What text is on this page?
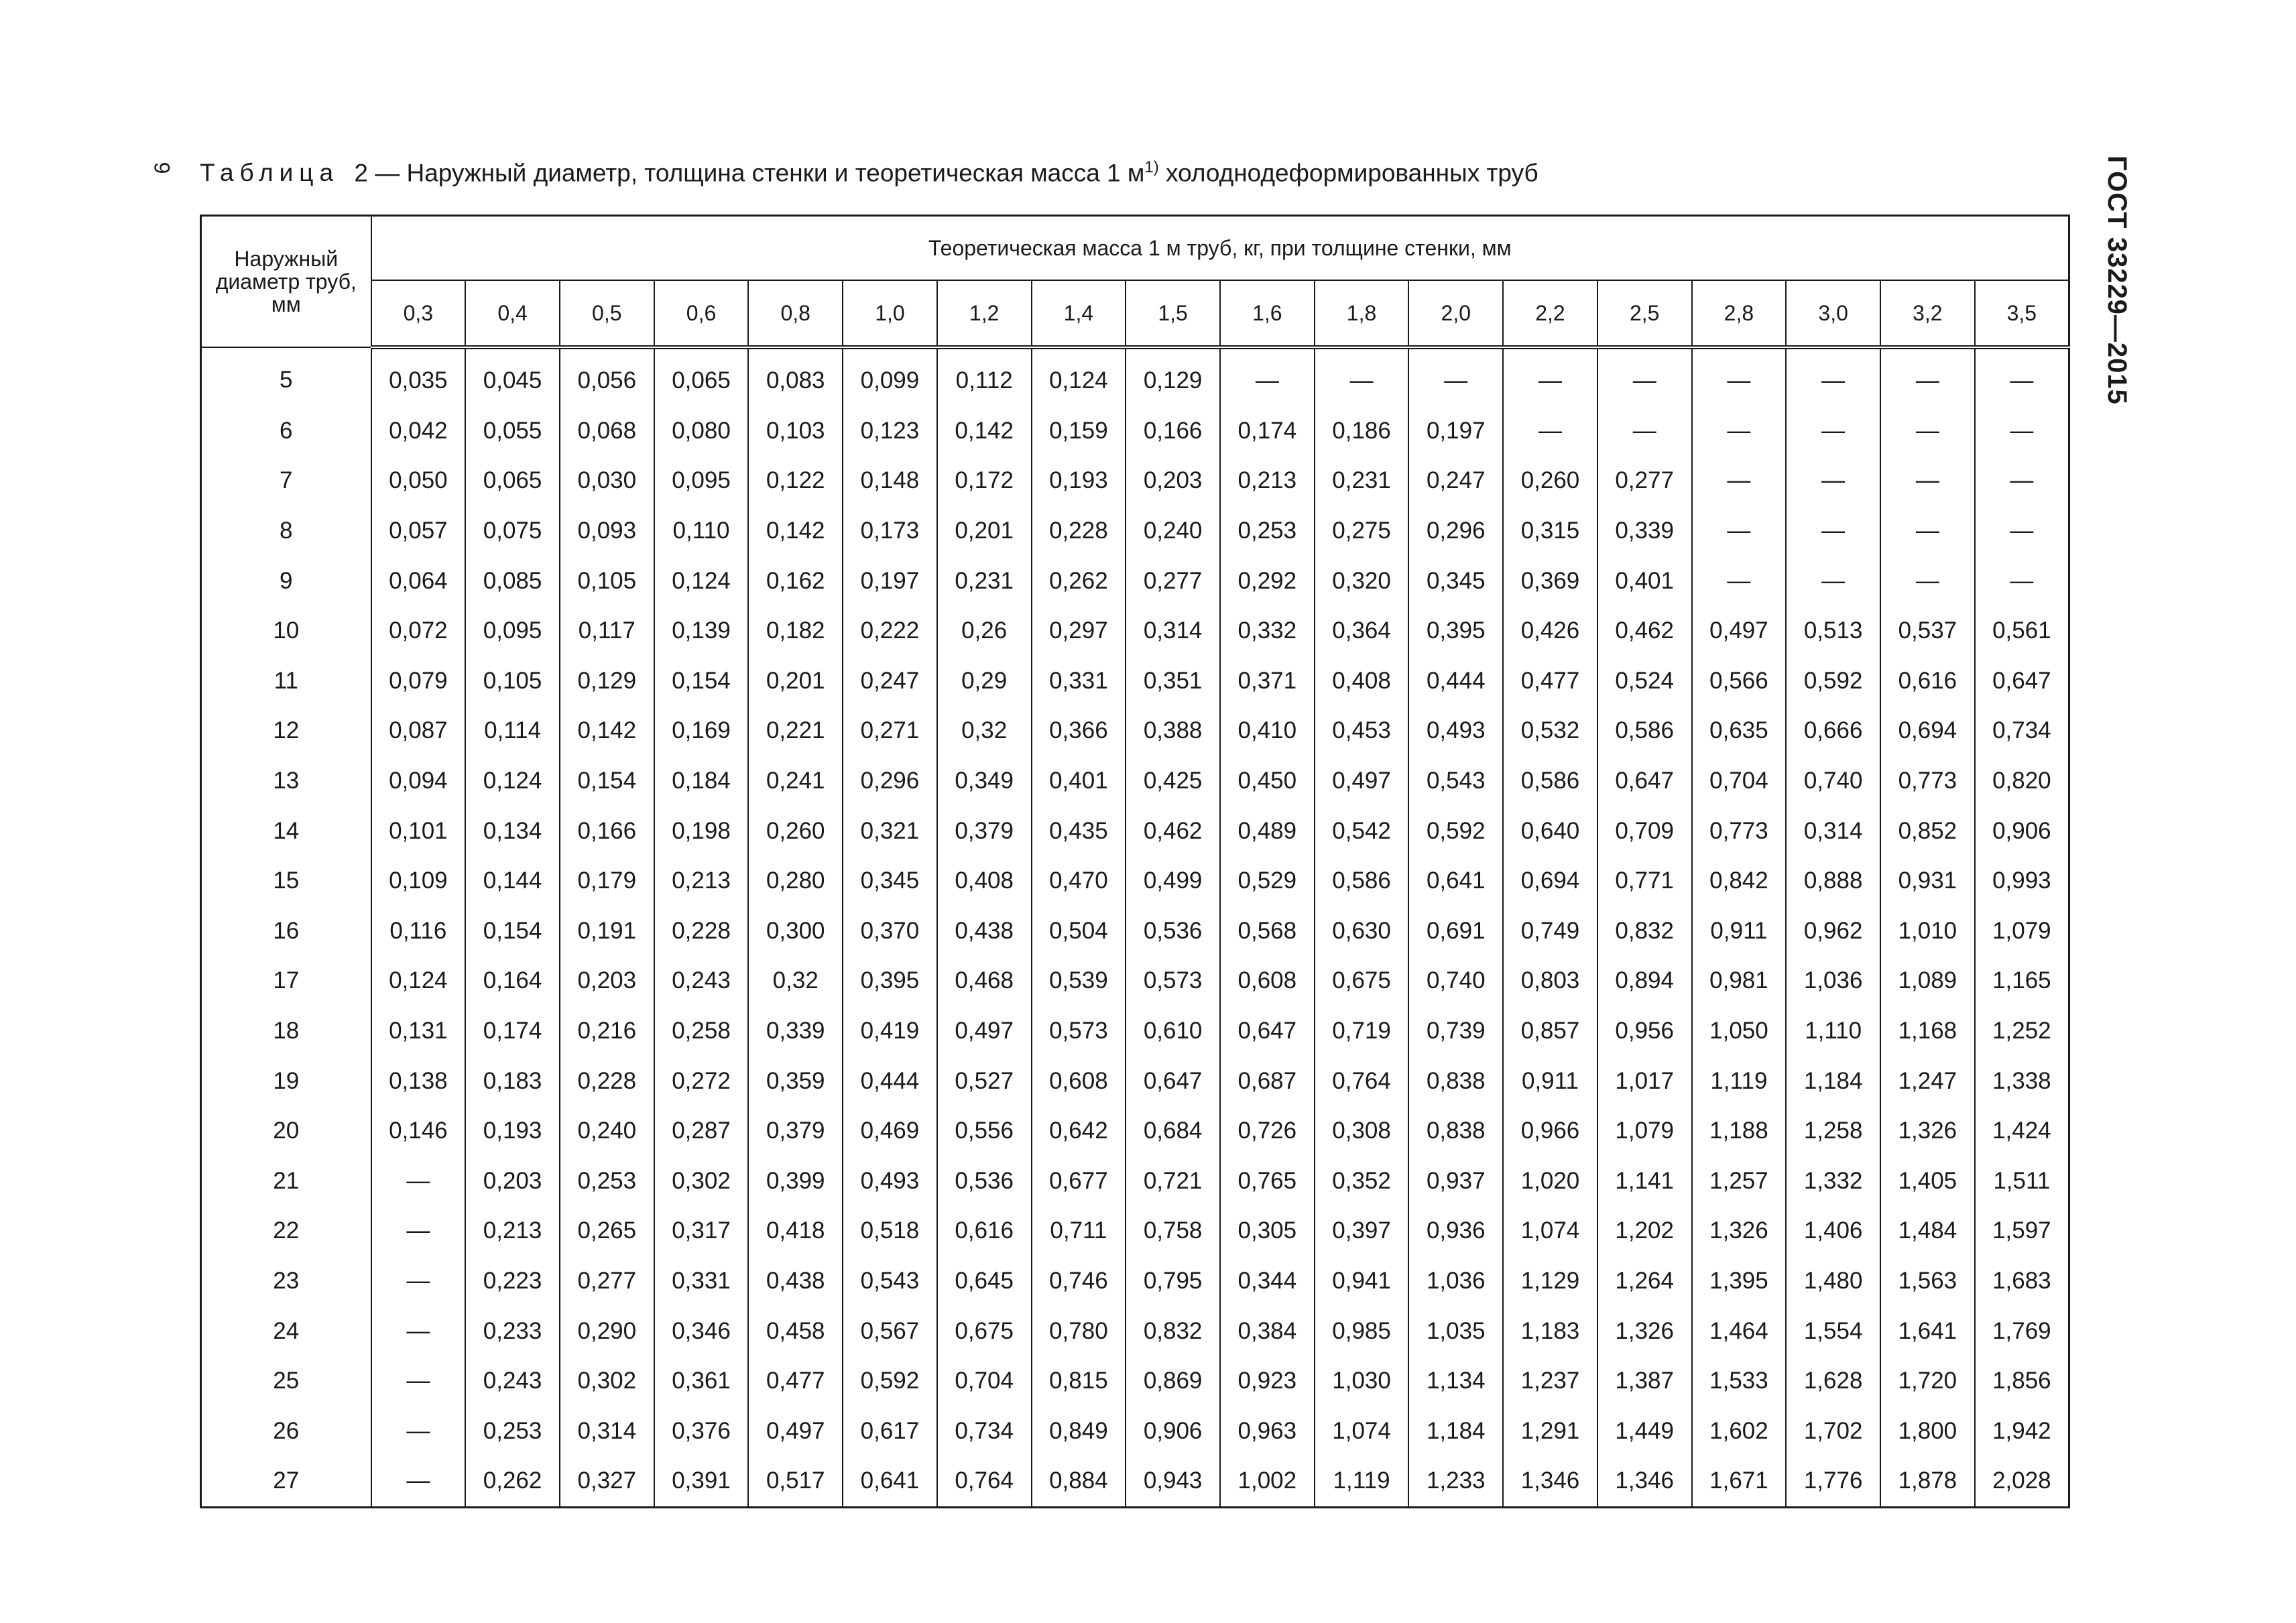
9	ГОСТ 33229—2015
Таблица 2 — Наружный диаметр, толщина стенки и теоретическая масса 1 $м^{1)}$ холоднодеформированных труб
Наружный диаметр труб, мм	Теоретическая масса 1 м труб, кг, при толщине стенки, мм																	
	0,3	0,4	0,5	0,6	0,8	1,0	1,2	1,4	1,5	1,6	1,8	2,0	2,2	2,5	2,8	3,0	3,2	3,5
5	0,035	0,045	0,056	0,065	0,083	0,099	0,112	0,124	0,129	—	—	—	—	—	—	—	—	—
6	0,042	0,055	0,068	0,080	0,103	0,123	0,142	0,159	0,166	0,174	0,186	0,197	—	—	—	—	—	—
7	0,050	0,065	0,030	0,095	0,122	0,148	0,172	0,193	0,203	0,213	0,231	0,247	0,260	0,277	—	—	—	—
8	0,057	0,075	0,093	0,110	0,142	0,173	0,201	0,228	0,240	0,253	0,275	0,296	0,315	0,339	—	—	—	—
9	0,064	0,085	0,105	0,124	0,162	0,197	0,231	0,262	0,277	0,292	0,320	0,345	0,369	0,401	—	—	—	—
10	0,072	0,095	0,117	0,139	0,182	0,222	0,26	0,297	0,314	0,332	0,364	0,395	0,426	0,462	0,497	0,513	0,537	0,561
11	0,079	0,105	0,129	0,154	0,201	0,247	0,29	0,331	0,351	0,371	0,408	0,444	0,477	0,524	0,566	0,592	0,616	0,647
12	0,087	0,114	0,142	0,169	0,221	0,271	0,32	0,366	0,388	0,410	0,453	0,493	0,532	0,586	0,635	0,666	0,694	0,734
13	0,094	0,124	0,154	0,184	0,241	0,296	0,349	0,401	0,425	0,450	0,497	0,543	0,586	0,647	0,704	0,740	0,773	0,820
14	0,101	0,134	0,166	0,198	0,260	0,321	0,379	0,435	0,462	0,489	0,542	0,592	0,640	0,709	0,773	0,314	0,852	0,906
15	0,109	0,144	0,179	0,213	0,280	0,345	0,408	0,470	0,499	0,529	0,586	0,641	0,694	0,771	0,842	0,888	0,931	0,993
16	0,116	0,154	0,191	0,228	0,300	0,370	0,438	0,504	0,536	0,568	0,630	0,691	0,749	0,832	0,911	0,962	1,010	1,079
17	0,124	0,164	0,203	0,243	0,32	0,395	0,468	0,539	0,573	0,608	0,675	0,740	0,803	0,894	0,981	1,036	1,089	1,165
18	0,131	0,174	0,216	0,258	0,339	0,419	0,497	0,573	0,610	0,647	0,719	0,739	0,857	0,956	1,050	1,110	1,168	1,252
19	0,138	0,183	0,228	0,272	0,359	0,444	0,527	0,608	0,647	0,687	0,764	0,838	0,911	1,017	1,119	1,184	1,247	1,338
20	0,146	0,193	0,240	0,287	0,379	0,469	0,556	0,642	0,684	0,726	0,308	0,838	0,966	1,079	1,188	1,258	1,326	1,424
21	—	0,203	0,253	0,302	0,399	0,493	0,536	0,677	0,721	0,765	0,352	0,937	1,020	1,141	1,257	1,332	1,405	1,511
22	—	0,213	0,265	0,317	0,418	0,518	0,616	0,711	0,758	0,305	0,397	0,936	1,074	1,202	1,326	1,406	1,484	1,597
23	—	0,223	0,277	0,331	0,438	0,543	0,645	0,746	0,795	0,344	0,941	1,036	1,129	1,264	1,395	1,480	1,563	1,683
24	—	0,233	0,290	0,346	0,458	0,567	0,675	0,780	0,832	0,384	0,985	1,035	1,183	1,326	1,464	1,554	1,641	1,769
25	—	0,243	0,302	0,361	0,477	0,592	0,704	0,815	0,869	0,923	1,030	1,134	1,237	1,387	1,533	1,628	1,720	1,856
26	—	0,253	0,314	0,376	0,497	0,617	0,734	0,849	0,906	0,963	1,074	1,184	1,291	1,449	1,602	1,702	1,800	1,942
27	—	0,262	0,327	0,391	0,517	0,641	0,764	0,884	0,943	1,002	1,119	1,233	1,346	1,346	1,671	1,776	1,878	2,028
